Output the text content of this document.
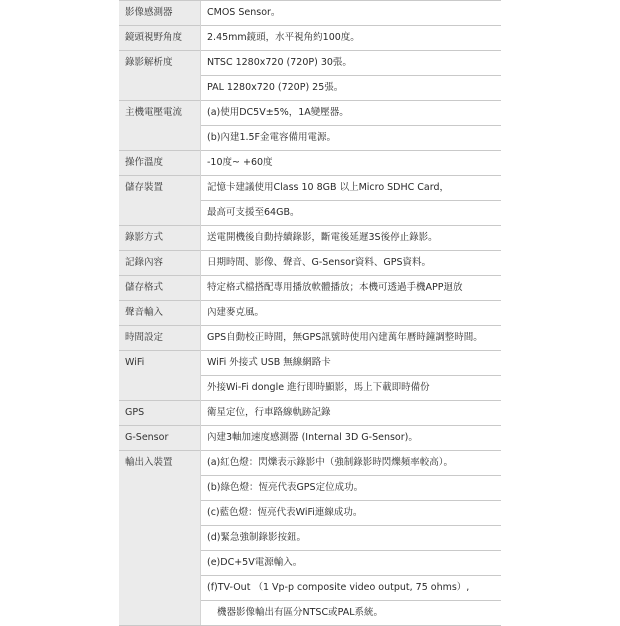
影像感測器	CMOS Sensor。
鏡頭視野角度	2.45mm鏡頭，水平視角約100度。
錄影解析度	NTSC 1280x720 (720P) 30張。
	PAL 1280x720 (720P) 25張。
主機電壓電流	(a)使用DC5V±5%，1A變壓器。
	(b)內建1.5F金電容備用電源。
操作溫度	-10度~ +60度
儲存裝置	記憶卡建議使用Class 10 8GB 以上Micro SDHC Card，
	最高可支援至64GB。
錄影方式	送電開機後自動持續錄影，斷電後延遲3S後停止錄影。
記錄內容	日期時間、影像、聲音、G-Sensor資料、GPS資料。
儲存格式	特定格式檔搭配專用播放軟體播放；本機可透過手機APP迴放
聲音輸入	內建麥克風。
時間設定	GPS自動校正時間，無GPS訊號時使用內建萬年曆時鐘調整時間。
WiFi	WiFi 外接式 USB 無線網路卡
	外接Wi-Fi dongle 進行即時顯影，馬上下載即時備份
GPS	衛星定位，行車路線軌跡記錄
G-Sensor	內建3軸加速度感測器 (Internal 3D G-Sensor)。
輸出入裝置	(a)紅色燈：閃爍表示錄影中（強制錄影時閃爍頻率較高）。
	(b)綠色燈：恆亮代表GPS定位成功。
	(c)藍色燈：恆亮代表WiFi連線成功。
	(d)緊急強制錄影按鈕。
	(e)DC+5V電源輸入。
	(f)TV-Out （1 Vp-p composite video output, 75 ohms）,
	機器影像輸出有區分NTSC或PAL系統。
